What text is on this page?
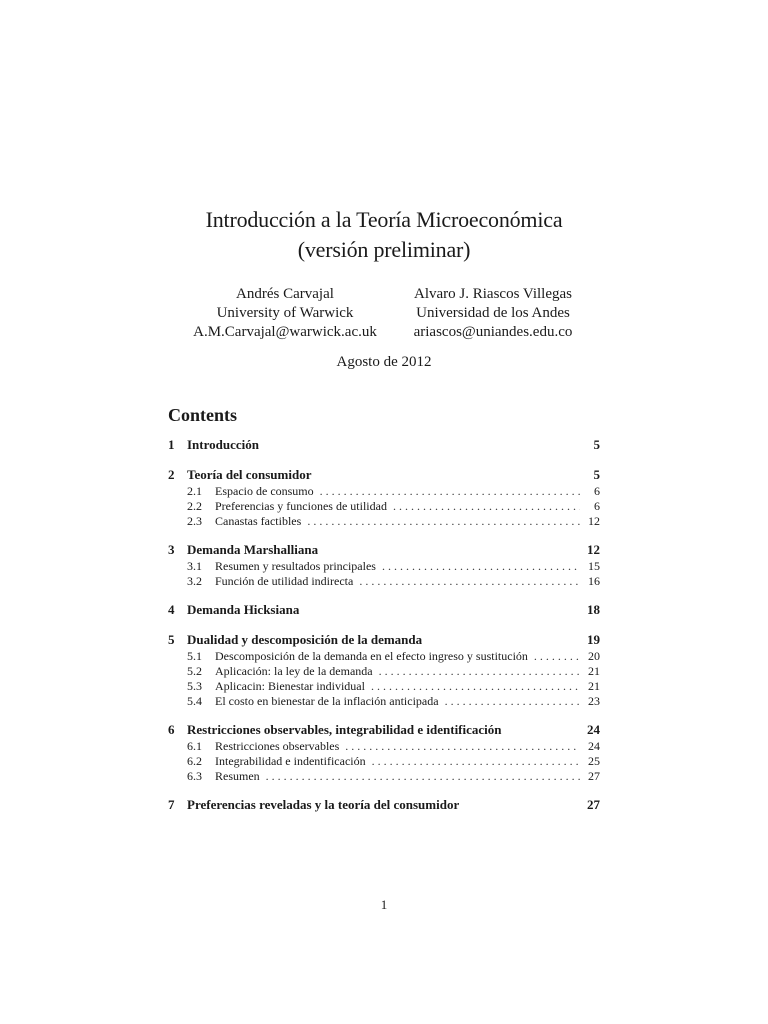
Introducción a la Teoría Microeconómica
(versión preliminar)
Andrés Carvajal
University of Warwick
A.M.Carvajal@warwick.ac.uk
Alvaro J. Riascos Villegas
Universidad de los Andes
ariascos@uniandes.edu.co
Agosto de 2012
Contents
1 Introducción	5
2 Teoría del consumidor	5
2.1	Espacio de consumo . . .	6
2.2	Preferencias y funciones de utilidad . . .	6
2.3	Canastas factibles . . .	12
3 Demanda Marshalliana	12
3.1	Resumen y resultados principales . . .	15
3.2	Función de utilidad indirecta . . .	16
4 Demanda Hicksiana	18
5 Dualidad y descomposición de la demanda	19
5.1	Descomposición de la demanda en el efecto ingreso y sustitución . . .	20
5.2	Aplicación: la ley de la demanda . . .	21
5.3	Aplicacin: Bienestar individual . . .	21
5.4	El costo en bienestar de la inflación anticipada . . .	23
6 Restricciones observables, integrabilidad e identificación	24
6.1	Restricciones observables . . .	24
6.2	Integrabilidad e indentificación . . .	25
6.3	Resumen . . .	27
7 Preferencias reveladas y la teoría del consumidor	27
1
